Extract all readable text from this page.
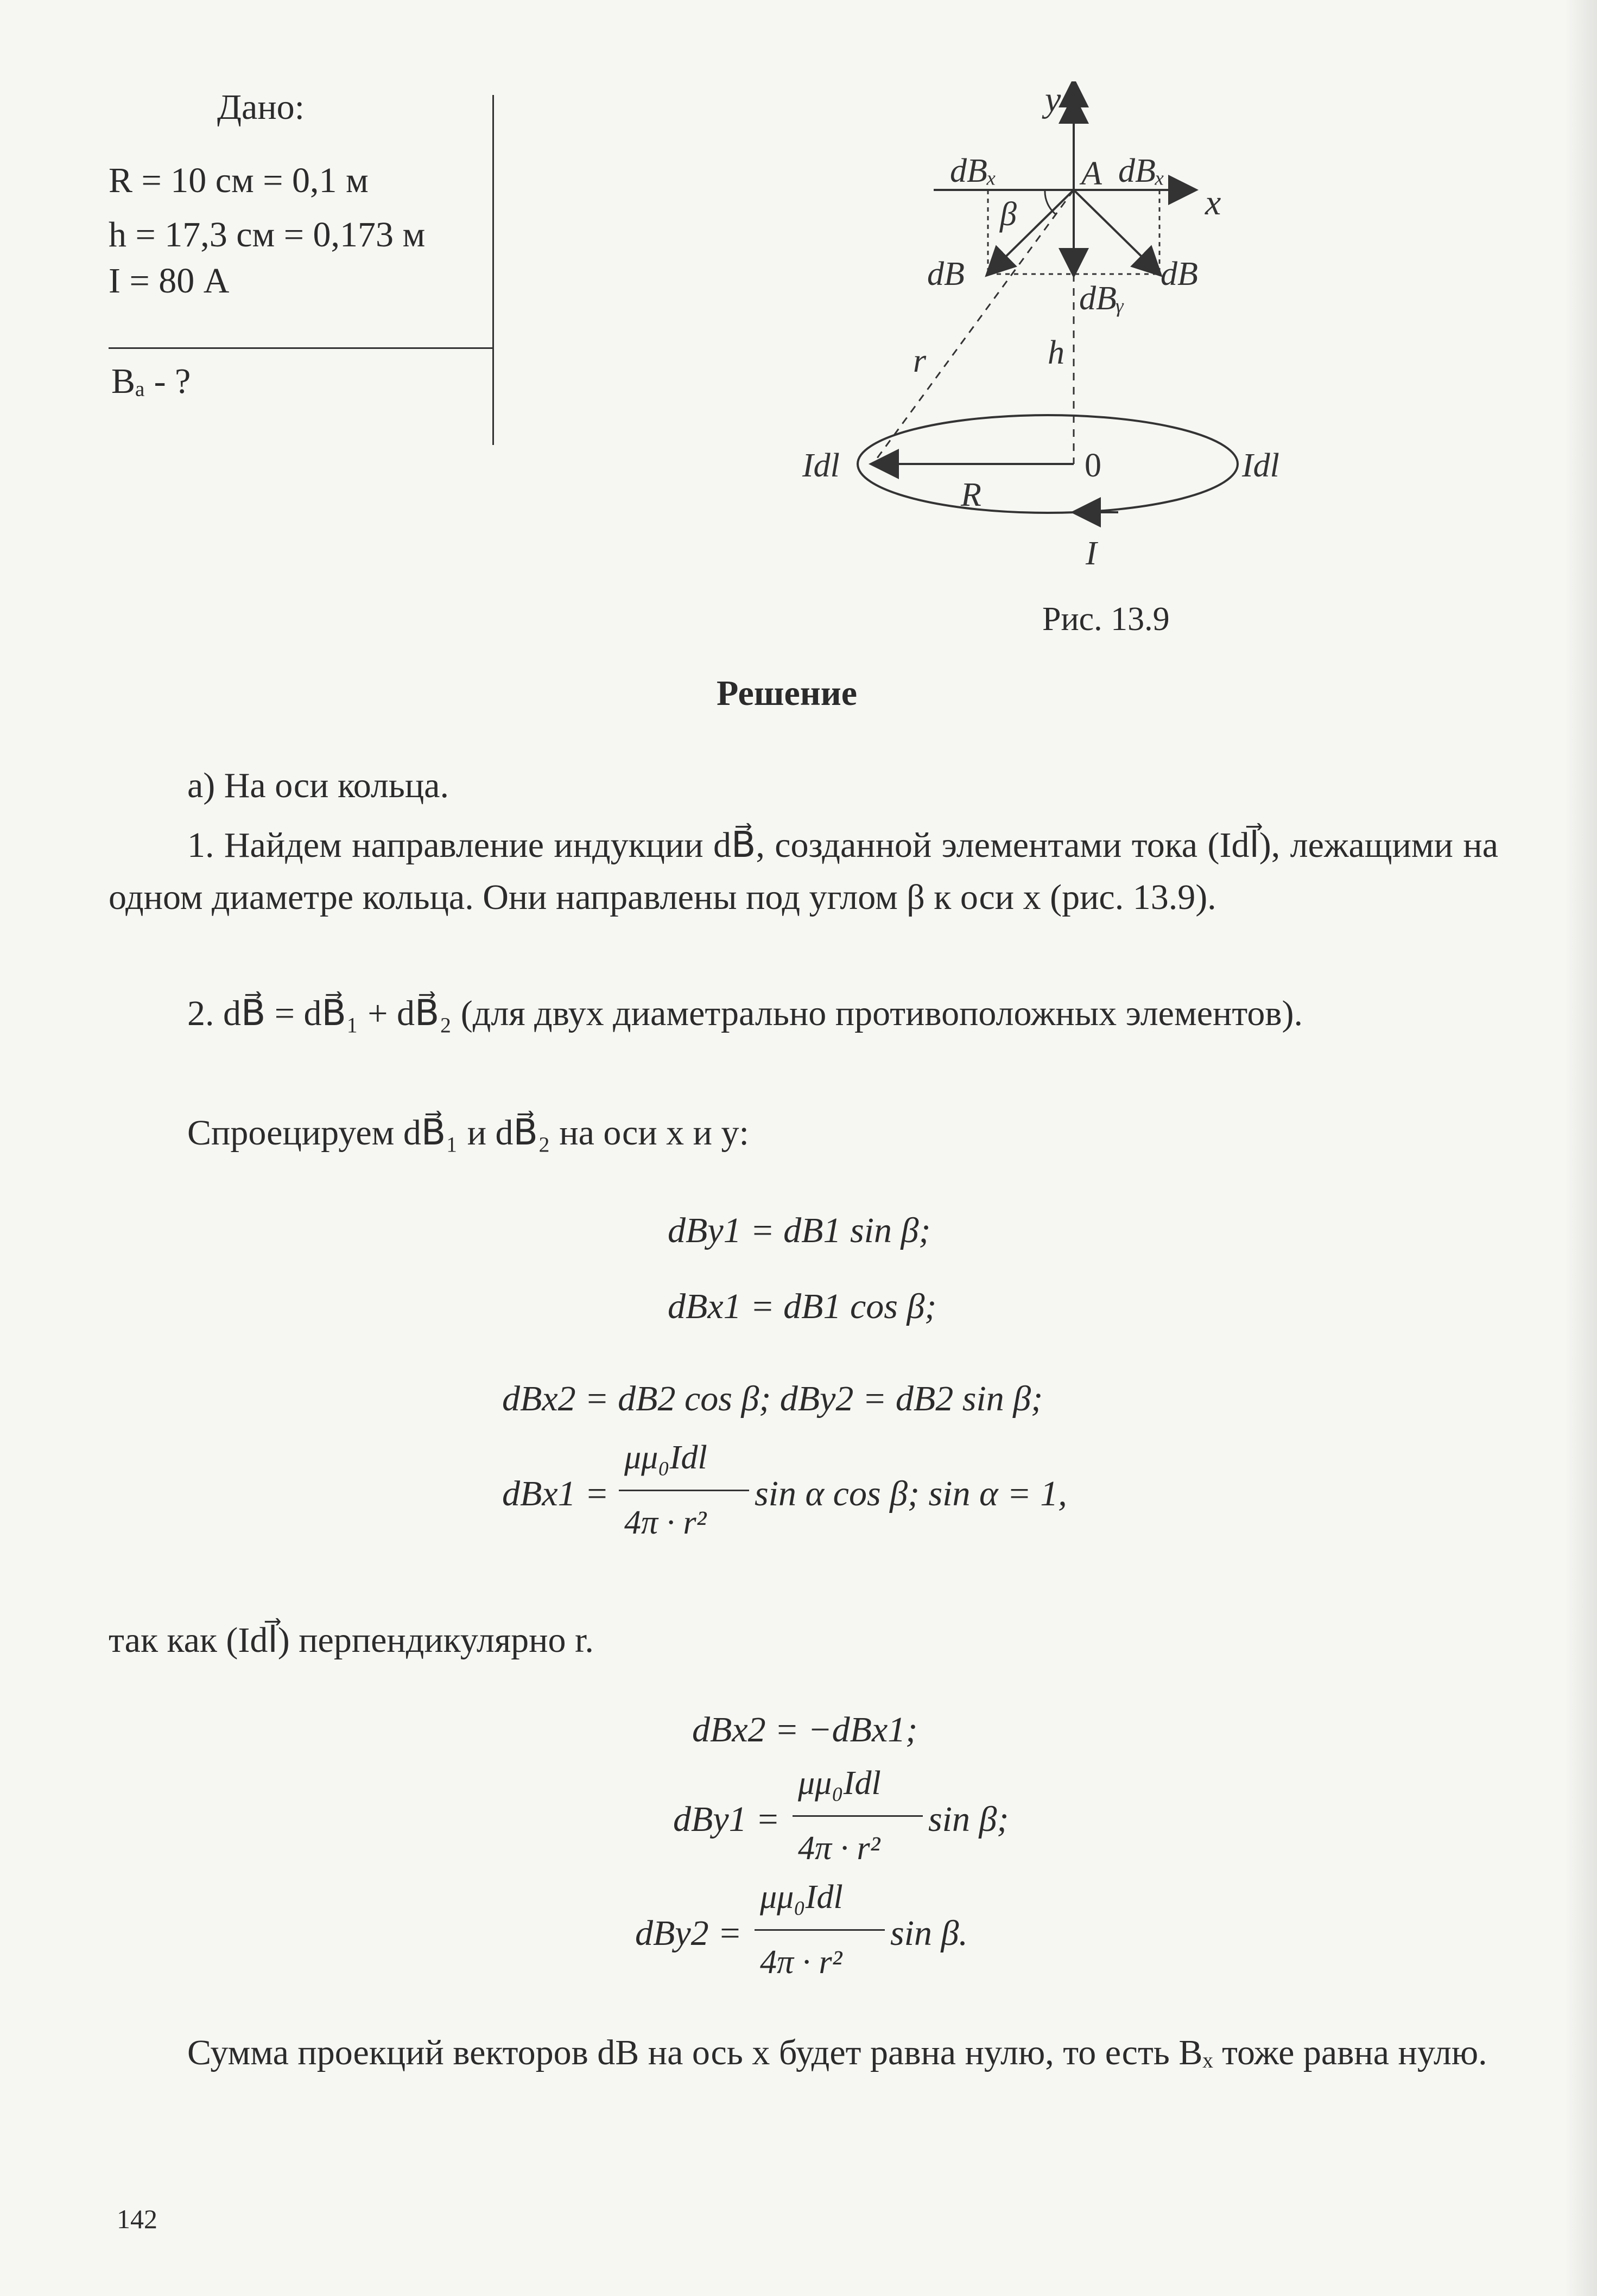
Дано:
R = 10 см = 0,1 м
h = 17,3 см = 0,173 м
I = 80 А
Bₐ - ?
y
x
dBₓ	dBₓ
A
β
dB⃗	dB⃗
dBᵧ
r	h
Idl	Idl
R
0
I
Рис. 13.9
Решение
а) На оси кольца.
1. Найдем направление индукции dB⃗, созданной элементами тока (Idl⃗), лежащими на одном диаметре кольца. Они направлены под углом β к оси x (рис. 13.9).
2. dB⃗ = dB⃗₁ + dB⃗₂ (для двух диаметрально противоположных элементов).
Спроецируем dB⃗₁ и dB⃗₂ на оси x и y:
dBy1 = dB1 sin β;
dBx1 = dB1 cos β;
dBx2 = dB2 cos β; dBy2 = dB2 sin β;
dBx1 =
μμ₀Idl
4π · r²
sin α cos β; sin α = 1,
так как (Idl⃗) перпендикулярно r.
dBx2 = −dBx1;
dBy1 =
μμ₀Idl
4π · r²
sin β;
dBy2 =
μμ₀Idl
4π · r²
sin β.
Сумма проекций векторов dB на ось x будет равна нулю, то есть Bₓ тоже равна нулю.
142
